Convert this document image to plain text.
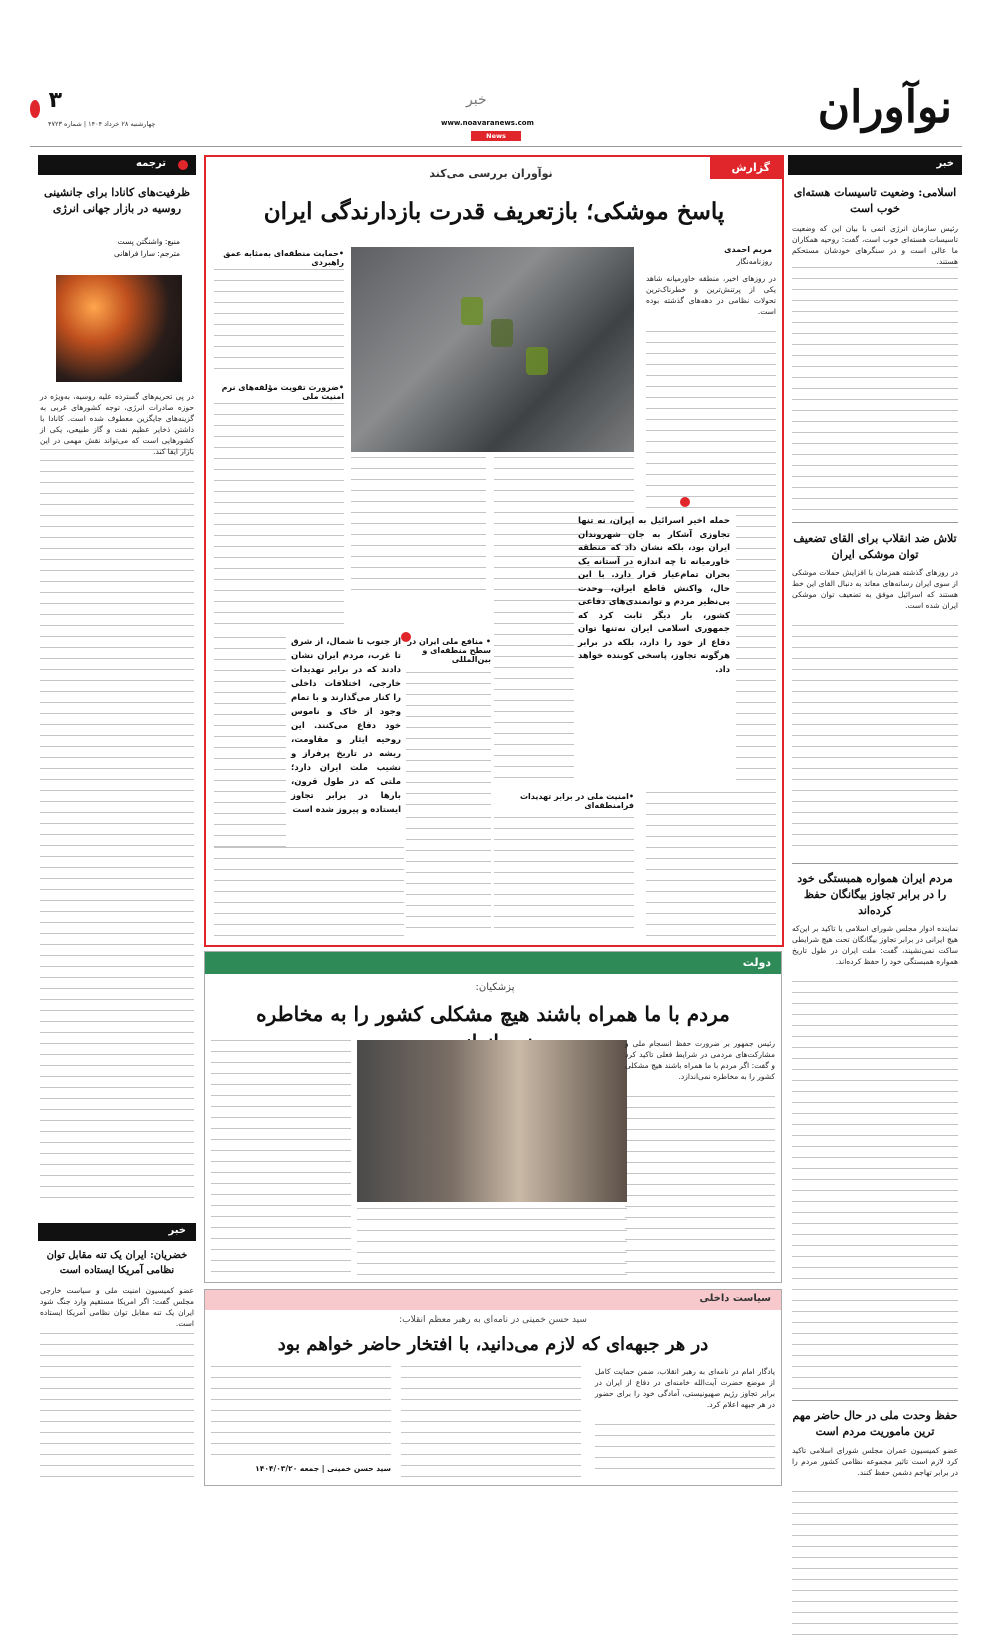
۳
چهارشنبه ۲۸ خرداد ۱۴۰۴ | شماره ۴۷۲۳
خبر
www.noavaranews.com
News
نوآوران
خبر
اسلامی: وضعیت تاسیسات هسته‌ای خوب است
رئیس سازمان انرژی اتمی با بیان این که وضعیت تاسیسات هسته‌ای خوب است، گفت: روحیه همکاران ما عالی است و در سنگرهای خودشان مستحکم هستند.
تلاش ضد انقلاب برای القای تضعیف توان موشکی ایران
در روزهای گذشته همزمان با افزایش حملات موشکی از سوی ایران رسانه‌های معاند به دنبال القای این خط هستند که اسرائیل موفق به تضعیف توان موشکی ایران شده است.
مردم ایران همواره همبستگی خود را در برابر تجاوز بیگانگان حفظ کرده‌اند
نماینده ادوار مجلس شورای اسلامی با تاکید بر این‌که هیچ ایرانی در برابر تجاوز بیگانگان تحت هیچ شرایطی ساکت نمی‌نشیند، گفت: ملت ایران در طول تاریخ همواره همبستگی خود را حفظ کرده‌اند.
حفظ وحدت ملی در حال حاضر مهم ترین ماموریت مردم است
عضو کمیسیون عمران مجلس شورای اسلامی تاکید کرد لازم است تاثیر مجموعه نظامی کشور مردم را در برابر تهاجم دشمن حفظ کنند.
ترجمه
ظرفیت‌های کانادا برای جانشینی روسیه در بازار جهانی انرژی
منبع: واشنگتن پست
مترجم: سارا فراهانی
در پی تحریم‌های گسترده علیه روسیه، به‌ویژه در حوزه صادرات انرژی، توجه کشورهای غربی به گزینه‌های جایگزین معطوف شده است. کانادا با داشتن ذخایر عظیم نفت و گاز طبیعی، یکی از کشورهایی است که می‌تواند نقش مهمی در این بازار ایفا کند.
خبر
خضریان: ایران یک تنه مقابل توان نظامی آمریکا ایستاده است
عضو کمیسیون امنیت ملی و سیاست خارجی مجلس گفت: اگر امریکا مستقیم وارد جنگ شود ایران یک تنه مقابل توان نظامی آمریکا ایستاده است.
گزارش
نوآوران بررسی می‌کند
پاسخ موشکی؛ بازتعریف قدرت بازدارندگی ایران
مریم احمدی
روزنامه‌نگار
در روزهای اخیر، منطقه خاورمیانه شاهد یکی از پرتنش‌ترین و خطرناک‌ترین تحولات نظامی در دهه‌های گذشته بوده است.
•حمایت منطقه‌ای به‌مثابه عمق راهبردی
•ضرورت تقویت مؤلفه‌های نرم امنیت ملی
حمله اخیر اسرائیل به ایران، نه تنها تجاوزی آشکار به جان شهروندان ایران بود، بلکه نشان داد که منطقه خاورمیانه تا چه اندازه در آستانه یک بحران تمام‌عیار قرار دارد. با این حال، واکنش قاطع ایران، وحدت بی‌نظیر مردم و توانمندی‌های دفاعی کشور، بار دیگر ثابت کرد که جمهوری اسلامی ایران نه‌تنها توان دفاع از خود را دارد، بلکه در برابر هرگونه تجاوز، پاسخی کوبنده خواهد داد.
از جنوب تا شمال، از شرق تا غرب، مردم ایران نشان دادند که در برابر تهدیدات خارجی، اختلافات داخلی را کنار می‌گذارند و با تمام وجود از خاک و ناموس خود دفاع می‌کنند. این روحیه ایثار و مقاومت، ریشه در تاریخ پرفراز و نشیب ملت ایران دارد؛ ملتی که در طول قرون، بارها در برابر تجاوز ایستاده و پیروز شده است
• منافع ملی ایران در سطح منطقه‌ای و بین‌المللی
•امنیت ملی در برابر تهدیدات فرامنطقه‌ای
دولت
پزشکیان:
مردم با ما همراه باشند هیچ مشکلی کشور را به مخاطره
رئیس جمهور بر ضرورت حفظ انسجام ملی و مشارکت‌های مردمی در شرایط فعلی تاکید کرد و گفت: اگر مردم با ما همراه باشند هیچ مشکلی کشور را به مخاطره نمی‌اندازد.
سیاست داخلی
سید حسن خمینی در نامه‌ای به رهبر معظم انقلاب:
در هر جبهه‌ای که لازم می‌دانید، با افتخار حاضر خواهم بود
یادگار امام در نامه‌ای به رهبر انقلاب، ضمن حمایت کامل از موضع حضرت آیت‌الله خامنه‌ای در دفاع از ایران در برابر تجاوز رژیم صهیونیستی، آمادگی خود را برای حضور در هر جبهه اعلام کرد.
سید حسن خمینی | جمعه ۱۴۰۴/۰۳/۲۰
